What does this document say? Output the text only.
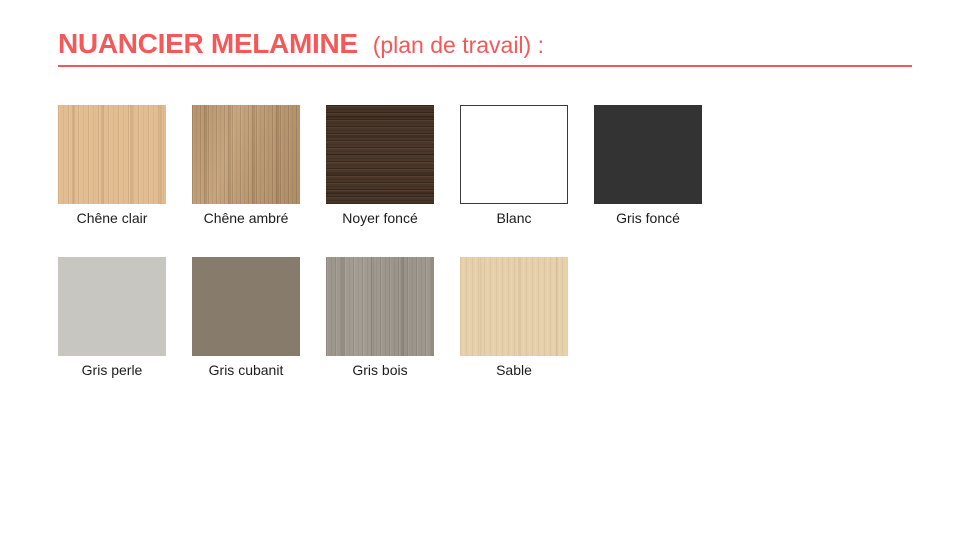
NUANCIER MELAMINE (plan de travail) :
Chêne clair	Chêne ambré	Noyer foncé	Blanc	Gris foncé
Gris perle	Gris cubanit	Gris bois	Sable
